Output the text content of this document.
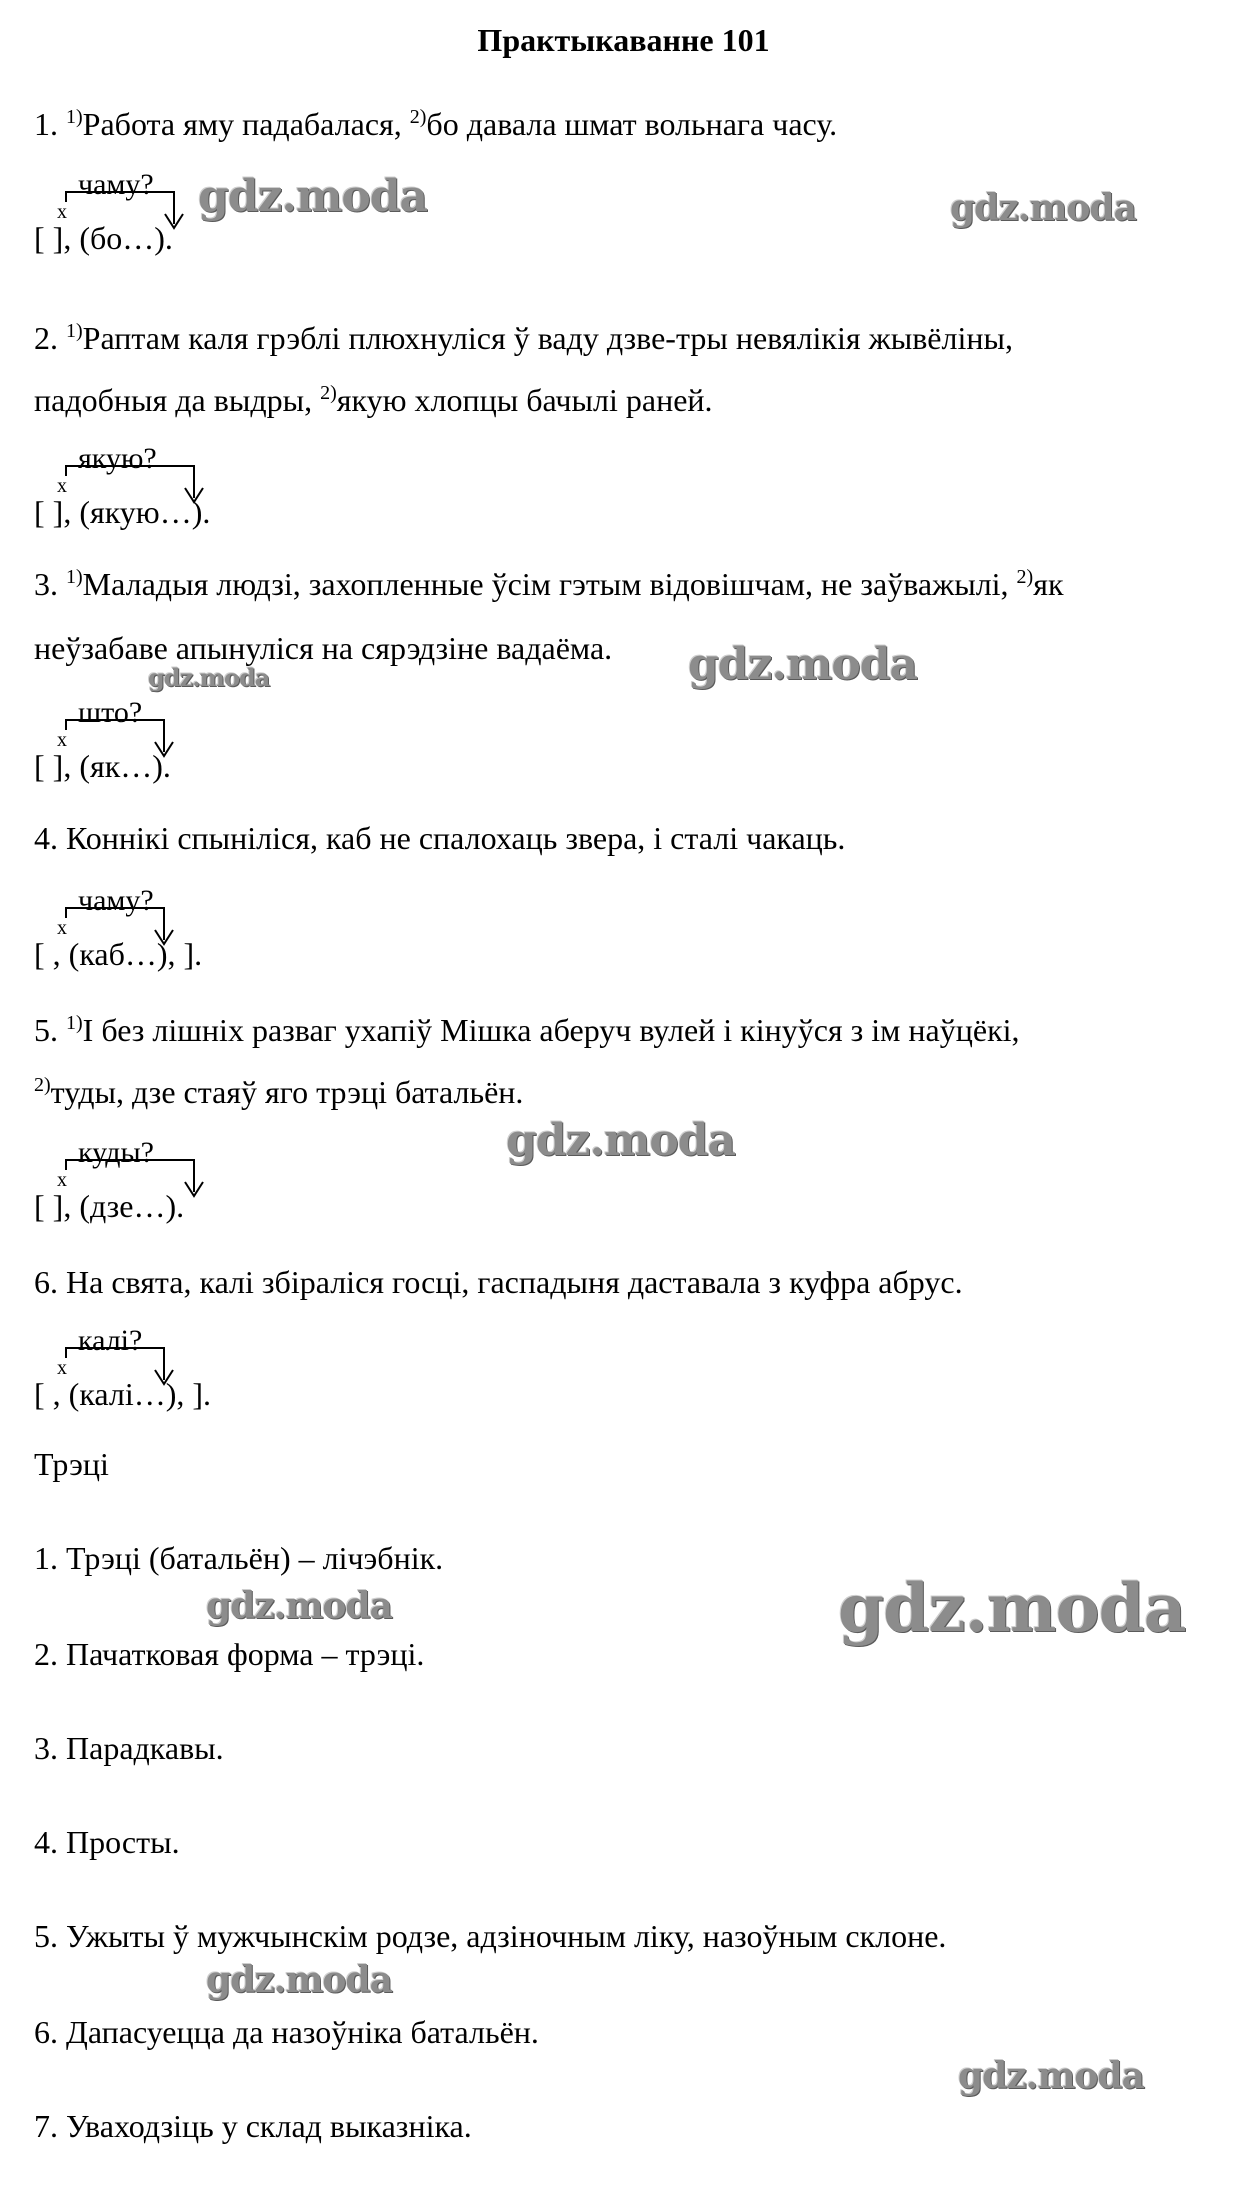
Практыкаванне 101
1. $^{1)}$Работа яму падабалася, $^{2)}$бо давала шмат вольнага часу.
чаму?
x
[ ], (бо…).
2. $^{1)}$Раптам каля грэблі плюхнуліся ў ваду дзве-тры невялікія жывёліны,
падобныя да выдры, $^{2)}$якую хлопцы бачылі раней.
якую?
x
[ ], (якую…).
3. $^{1)}$Маладыя людзі, захопленные ўсім гэтым відовішчам, не заўважылі, $^{2)}$як
неўзабаве апынуліся на сярэдзіне вадаёма.
што?
x
[ ], (як…).
4. Коннікі спыніліся, каб не спалохаць звера, і сталі чакаць.
чаму?
x
[ , (каб…), ].
5. $^{1)}$І без лішніх разваг ухапіў Мішка аберуч вулей і кінуўся з ім наўцёкі,
$^{2)}$туды, дзе стаяў яго трэці батальён.
куды?
x
[ ], (дзе…).
6. На свята, калі збіраліся госці, гаспадыня даставала з куфра абрус.
калі?
x
[ , (калі…), ].
Трэці
1. Трэці (батальён) – лічэбнік.
2. Пачатковая форма – трэці.
3. Парадкавы.
4. Просты.
5. Ужыты ў мужчынскім родзе, адзіночным ліку, назоўным склоне.
6. Дапасуецца да назоўніка батальён.
7. Уваходзіць у склад выказніка.
gdz.moda	gdz.moda
gdz.moda	gdz.moda
gdz.moda
gdz.moda	gdz.moda
gdz.moda
gdz.moda
